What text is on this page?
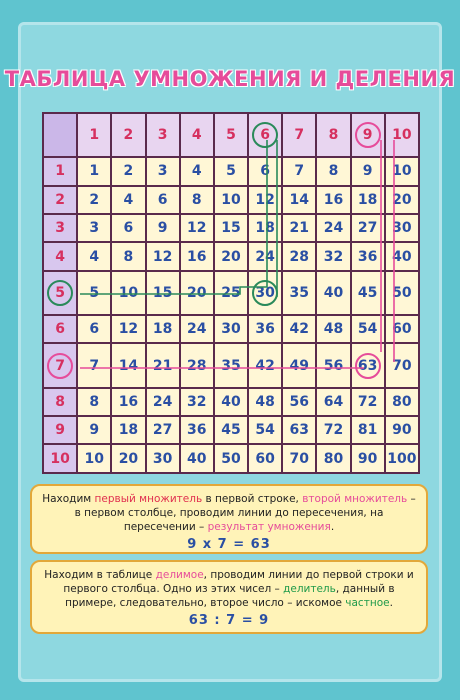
ТАБЛИЦА УМНОЖЕНИЯ И ДЕЛЕНИЯ
	1	2	3	4	5	6	7	8	9	10
1	1	2	3	4	5	6	7	8	9	10
2	2	4	6	8	10	12	14	16	18	20
3	3	6	9	12	15	18	21	24	27	30
4	4	8	12	16	20	24	28	32	36	40
5	5	10	15	20	25	30	35	40	45	50
6	6	12	18	24	30	36	42	48	54	60
7	7	14	21	28	35	42	49	56	63	70
8	8	16	24	32	40	48	56	64	72	80
9	9	18	27	36	45	54	63	72	81	90
10	10	20	30	40	50	60	70	80	90	100
Находим первый множитель в первой строке, второй множитель – в первом столбце, проводим линии до пересечения, на пересечении – результат умножения.
9 х 7 = 63
Находим в таблице делимое, проводим линии до первой строки и первого столбца. Одно из этих чисел – делитель, данный в примере, следовательно, второе число – искомое частное.
63 : 7 = 9
